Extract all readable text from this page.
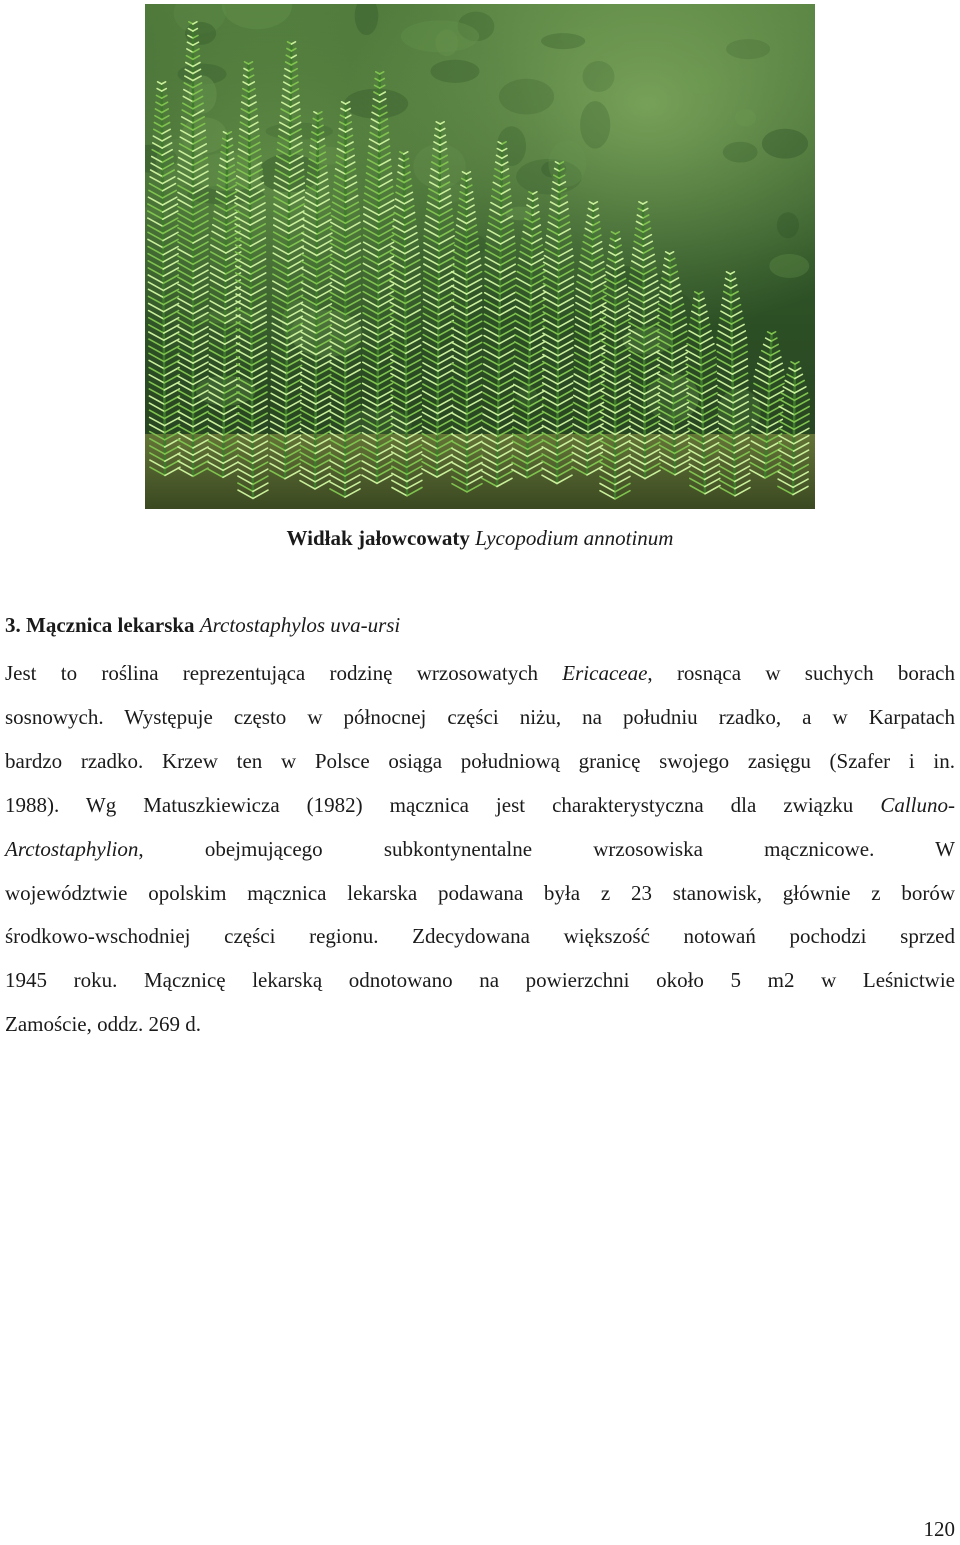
Widłak jałowcowaty Lycopodium annotinum
3. Mącznica lekarska Arctostaphylos uva-ursi
Jest to roślina reprezentująca rodzinę wrzosowatych Ericaceae, rosnąca w suchych borach
sosnowych. Występuje często w północnej części niżu, na południu rzadko, a w Karpatach
bardzo rzadko. Krzew ten w Polsce osiąga południową granicę swojego zasięgu (Szafer i in.
1988). Wg Matuszkiewicza (1982) mącznica jest charakterystyczna dla związku Calluno-
Arctostaphylion, obejmującego subkontynentalne wrzosowiska mącznicowe. W
województwie opolskim mącznica lekarska podawana była z 23 stanowisk, głównie z borów
środkowo-wschodniej części regionu. Zdecydowana większość notowań pochodzi sprzed
1945 roku. Mącznicę lekarską odnotowano na powierzchni około 5 m2 w Leśnictwie
Zamoście, oddz. 269 d.
120
